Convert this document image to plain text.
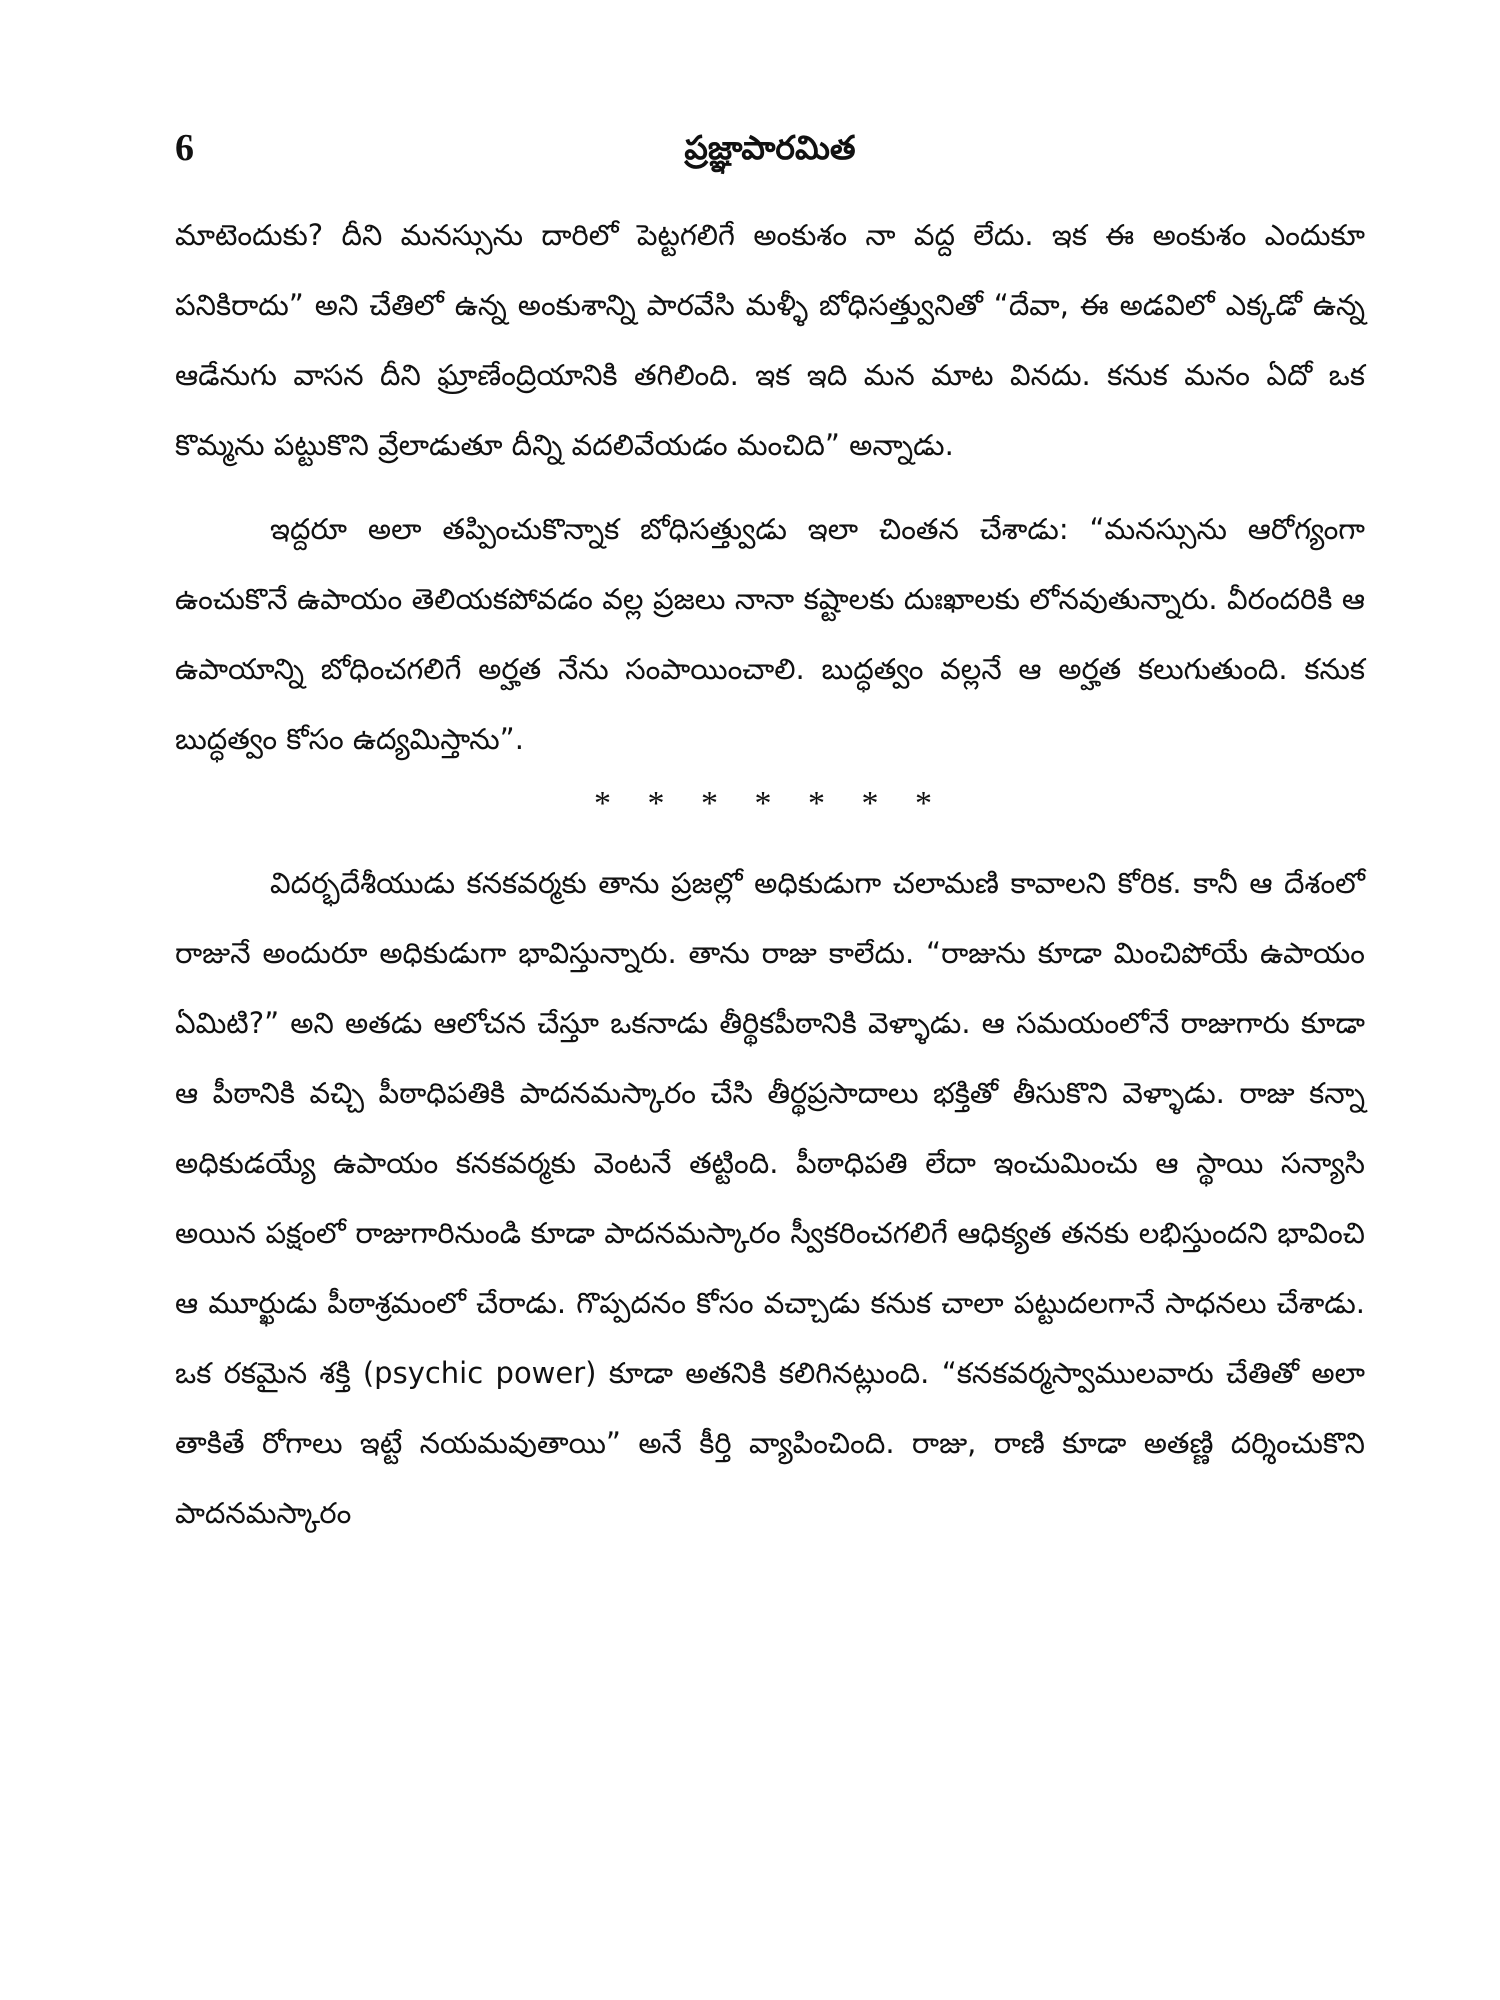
6	ప్రజ్ఞాపారమిత

మాటెందుకు? దీని మనస్సును దారిలో పెట్టగలిగే అంకుశం నా వద్ద లేదు. ఇక ఈ అంకుశం ఎందుకూ పనికిరాదు” అని చేతిలో ఉన్న అంకుశాన్ని పారవేసి మళ్ళీ బోధిసత్త్వునితో “దేవా, ఈ అడవిలో ఎక్కడో ఉన్న ఆడేనుగు వాసన దీని ఘ్రాణేంద్రియానికి తగిలింది. ఇక ఇది మన మాట వినదు. కనుక మనం ఏదో ఒక కొమ్మను పట్టుకొని వ్రేలాడుతూ దీన్ని వదలివేయడం మంచిది” అన్నాడు.

ఇద్దరూ అలా తప్పించుకొన్నాక బోధిసత్త్వుడు ఇలా చింతన చేశాడు: “మనస్సును ఆరోగ్యంగా ఉంచుకొనే ఉపాయం తెలియకపోవడం వల్ల ప్రజలు నానా కష్టాలకు దుఃఖాలకు లోనవుతున్నారు. వీరందరికి ఆ ఉపాయాన్ని బోధించగలిగే అర్హత నేను సంపాయించాలి. బుద్ధత్వం వల్లనే ఆ అర్హత కలుగుతుంది. కనుక బుద్ధత్వం కోసం ఉద్యమిస్తాను”.

* * * * * * *

విదర్భదేశీయుడు కనకవర్మకు తాను ప్రజల్లో అధికుడుగా చలామణి కావాలని కోరిక. కానీ ఆ దేశంలో రాజునే అందురూ అధికుడుగా భావిస్తున్నారు. తాను రాజు కాలేదు. “రాజును కూడా మించిపోయే ఉపాయం ఏమిటి?” అని అతడు ఆలోచన చేస్తూ ఒకనాడు తీర్థికపీఠానికి వెళ్ళాడు. ఆ సమయంలోనే రాజుగారు కూడా ఆ పీఠానికి వచ్చి పీఠాధిపతికి పాదనమస్కారం చేసి తీర్థప్రసాదాలు భక్తితో తీసుకొని వెళ్ళాడు. రాజు కన్నా అధికుడయ్యే ఉపాయం కనకవర్మకు వెంటనే తట్టింది. పీఠాధిపతి లేదా ఇంచుమించు ఆ స్థాయి సన్యాసి అయిన పక్షంలో రాజుగారినుండి కూడా పాదనమస్కారం స్వీకరించగలిగే ఆధిక్యత తనకు లభిస్తుందని భావించి ఆ మూర్ఖుడు పీఠాశ్రమంలో చేరాడు. గొప్పదనం కోసం వచ్చాడు కనుక చాలా పట్టుదలగానే సాధనలు చేశాడు. ఒక రకమైన శక్తి (psychic power) కూడా అతనికి కలిగినట్లుంది. “కనకవర్మస్వాములవారు చేతితో అలా తాకితే రోగాలు ఇట్టే నయమవుతాయి” అనే కీర్తి వ్యాపించింది. రాజు, రాణి కూడా అతణ్ణి దర్శించుకొని పాదనమస్కారం
